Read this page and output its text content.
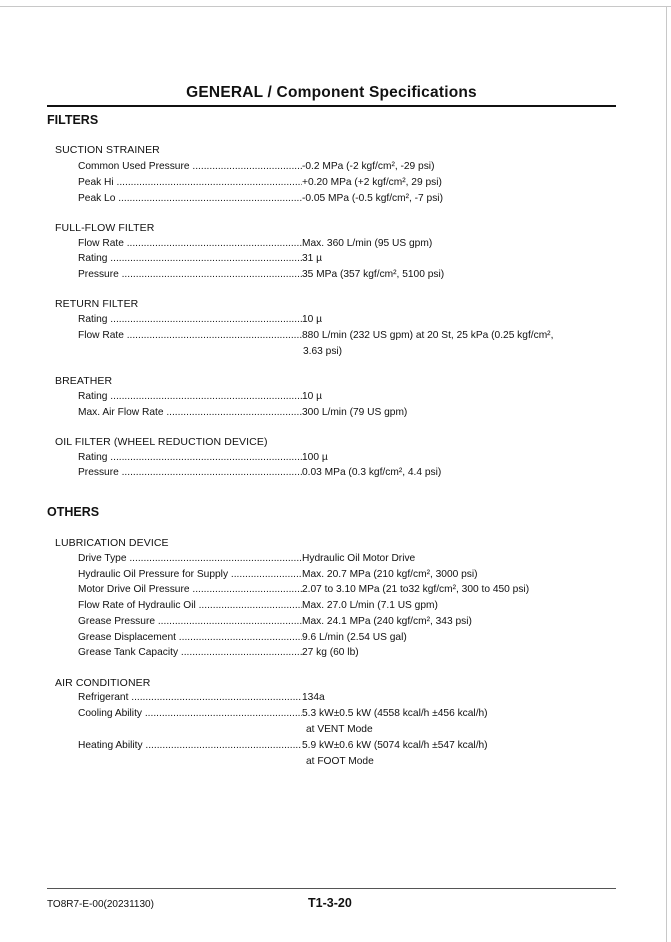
GENERAL / Component Specifications
FILTERS
SUCTION STRAINER
Common Used Pressure .....	-0.2 MPa (-2 kgf/cm², -29 psi)
Peak Hi .....	+0.20 MPa (+2 kgf/cm², 29 psi)
Peak Lo .....	-0.05 MPa (-0.5 kgf/cm², -7 psi)
FULL-FLOW FILTER
Flow Rate .....	Max. 360 L/min (95 US gpm)
Rating .....	31 µ
Pressure .....	35 MPa (357 kgf/cm², 5100 psi)
RETURN FILTER
Rating .....	10 µ
Flow Rate .....	880 L/min (232 US gpm) at 20 St, 25 kPa (0.25 kgf/cm²,
3.63 psi)
BREATHER
Rating .....	10 µ
Max. Air Flow Rate .....	300 L/min (79 US gpm)
OIL FILTER (WHEEL REDUCTION DEVICE)
Rating .....	100 µ
Pressure .....	0.03 MPa (0.3 kgf/cm², 4.4 psi)
OTHERS
LUBRICATION DEVICE
Drive Type .....	Hydraulic Oil Motor Drive
Hydraulic Oil Pressure for Supply .....	Max. 20.7 MPa (210 kgf/cm², 3000 psi)
Motor Drive Oil Pressure .....	2.07 to 3.10 MPa (21 to32 kgf/cm², 300 to 450 psi)
Flow Rate of Hydraulic Oil .....	Max. 27.0 L/min (7.1 US gpm)
Grease Pressure .....	Max. 24.1 MPa (240 kgf/cm², 343 psi)
Grease Displacement .....	9.6 L/min (2.54 US gal)
Grease Tank Capacity .....	27 kg (60 lb)
AIR CONDITIONER
Refrigerant .....	134a
Cooling Ability .....	5.3 kW±0.5 kW (4558 kcal/h ±456 kcal/h)
at VENT Mode
Heating Ability .....	5.9 kW±0.6 kW (5074 kcal/h ±547 kcal/h)
at FOOT Mode
TO8R7-E-00(20231130)	T1-3-20
